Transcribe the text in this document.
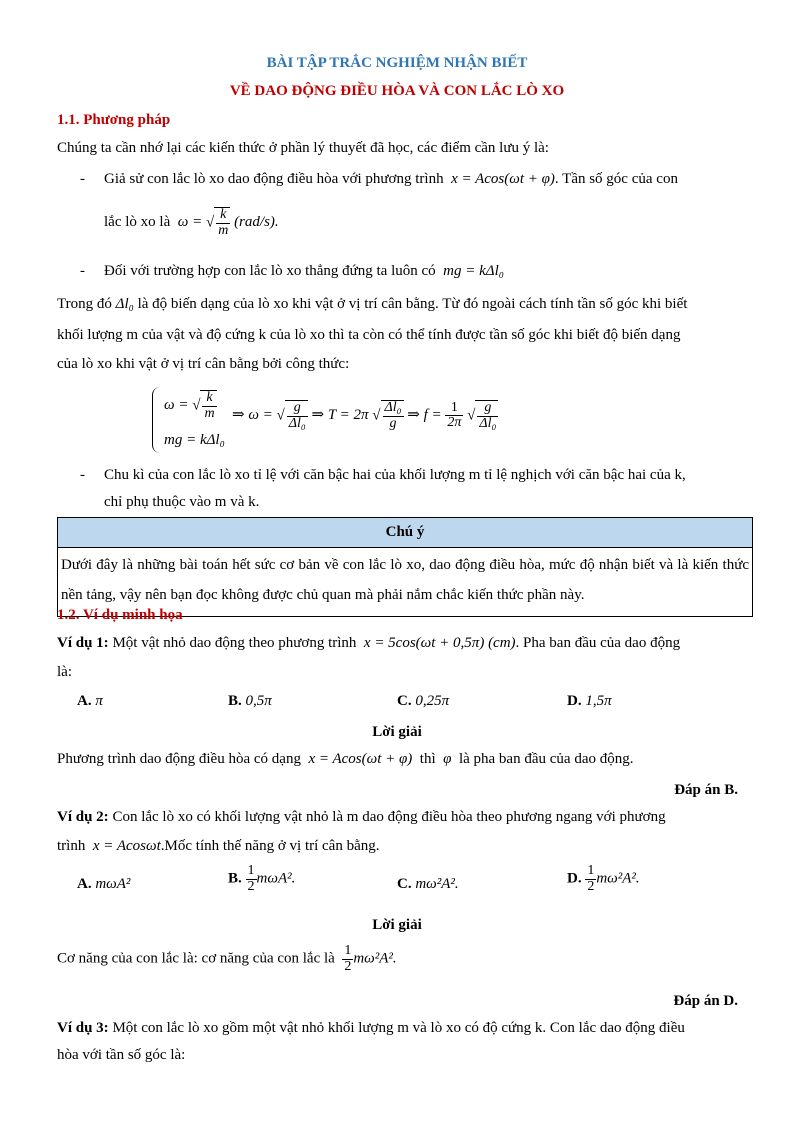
BÀI TẬP TRẮC NGHIỆM NHẬN BIẾT
VỀ DAO ĐỘNG ĐIỀU HÒA VÀ CON LẮC LÒ XO
1.1. Phương pháp
Chúng ta cần nhớ lại các kiến thức ở phần lý thuyết đã học, các điểm cần lưu ý là:
- Giả sử con lắc lò xo dao động điều hòa với phương trình x = Acos(ωt + φ). Tần số góc của con
lắc lò xo là ω = √ $\frac{k}{m} (rad/s)$.
- Đối với trường hợp con lắc lò xo thẳng đứng ta luôn có mg = kΔl₀
Trong đó Δl₀ là độ biến dạng của lò xo khi vật ở vị trí cân bằng. Từ đó ngoài cách tính tần số góc khi biết
khối lượng m của vật và độ cứng k của lò xo thì ta còn có thể tính được tần số góc khi biết độ biến dạng
của lò xo khi vật ở vị trí cân bằng bởi công thức:
ω = √ $\frac{k}{m}$
mg = kΔl₀
⇒ ω = √ $\frac{g}{\text{Δl₀}}$ ⇒ T = 2π √ $\frac{\text{Δl₀}}{g}$ ⇒ $f = \frac{1}{2\pi}$ √ $\frac{g}{\text{Δl₀}}$
- Chu kì của con lắc lò xo tỉ lệ với căn bậc hai của khối lượng m tỉ lệ nghịch với căn bậc hai của k,
chỉ phụ thuộc vào m và k.
Chú ý
Dưới đây là những bài toán hết sức cơ bản về con lắc lò xo, dao động điều hòa, mức độ nhận biết và là kiến thức nền tảng, vậy nên bạn đọc không được chủ quan mà phải nắm chắc kiến thức phần này.
1.2. Ví dụ minh họa
Ví dụ 1: Một vật nhỏ dao động theo phương trình x = 5cos(ωt + 0,5π) (cm). Pha ban đầu của dao động
là:
A. π	B. 0,5π	C. 0,25π	D. 1,5π
Lời giải
Phương trình dao động điều hòa có dạng x = Acos(ωt + φ) thì φ là pha ban đầu của dao động.
Đáp án B.
Ví dụ 2: Con lắc lò xo có khối lượng vật nhỏ là m dao động điều hòa theo phương ngang với phương
trình x = Acosωt.Mốc tính thế năng ở vị trí cân bằng.
A. mωA²	B. $\frac{1}{2} m\omega A^2$.	C. mω²A².	D. $\frac{1}{2} m\omega^2A^2$.
Lời giải
Cơ năng của con lắc là: cơ năng của con lắc là $\frac{1}{2} m\omega^2A^2$.
Đáp án D.
Ví dụ 3: Một con lắc lò xo gồm một vật nhỏ khối lượng m và lò xo có độ cứng k. Con lắc dao động điều
hòa với tần số góc là:
